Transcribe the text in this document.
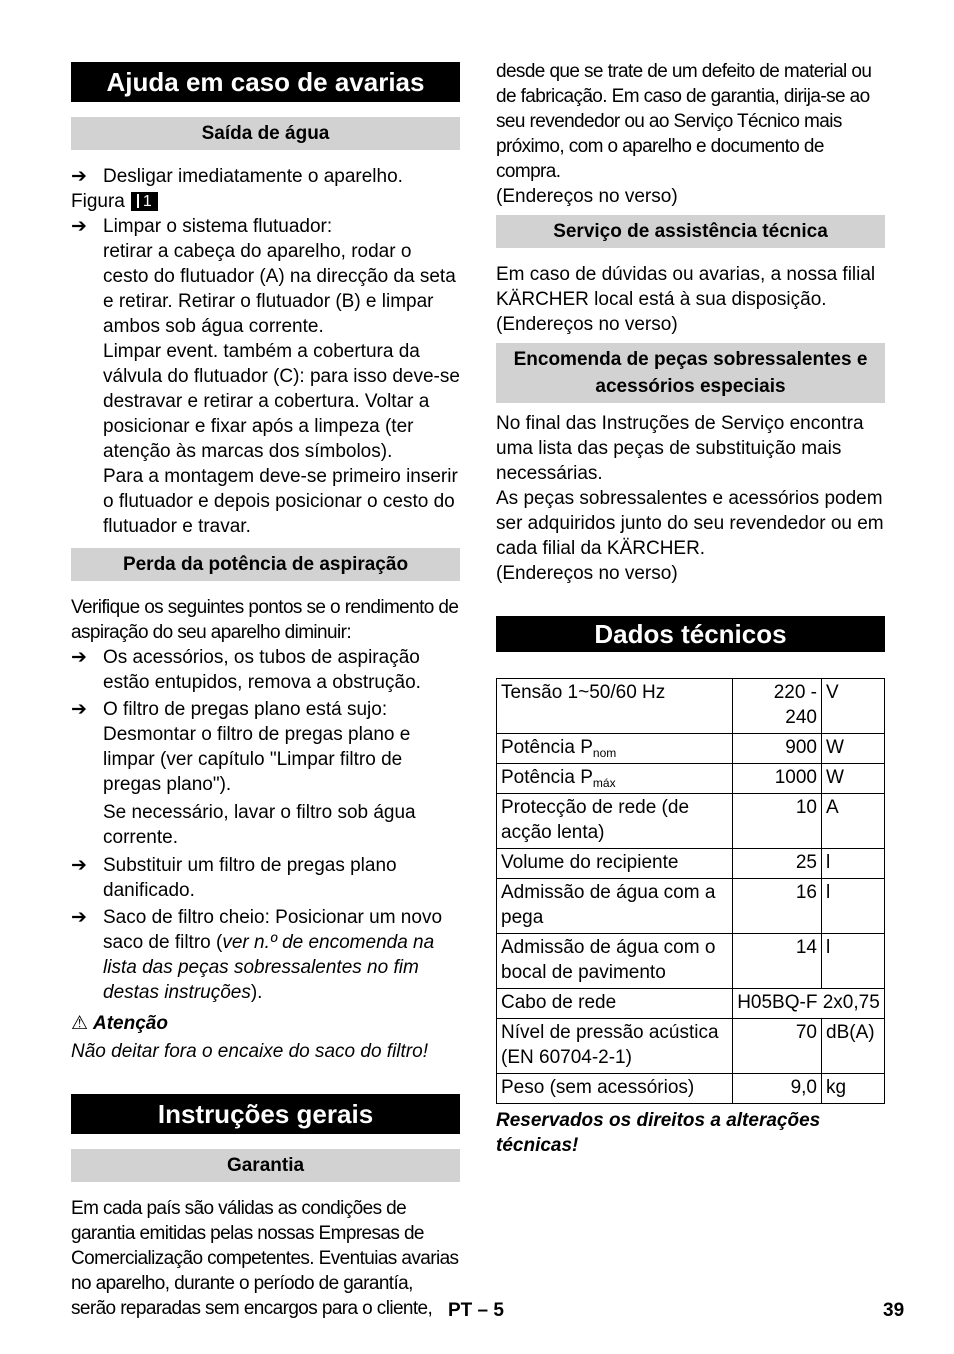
Ajuda em caso de avarias
Saída de água
➔ Desligar imediatamente o aparelho.

Figura 1

➔ Limpar o sistema flutuador:

retirar a cabeça do aparelho, rodar o cesto do flutuador (A) na direcção da seta e retirar. Retirar o flutuador (B) e limpar ambos sob água corrente.

Limpar event. também a cobertura da válvula do flutuador (C): para isso deve-se destravar e retirar a cobertura. Voltar a posicionar e fixar após a limpeza (ter atenção às marcas dos símbolos).

Para a montagem deve-se primeiro inserir o flutuador e depois posicionar o cesto do flutuador e travar.

Perda da potência de aspiração

Verifique os seguintes pontos se o rendimento de aspiração do seu aparelho diminuir:

➔ Os acessórios, os tubos de aspiração estão entupidos, remova a obstrução.
➔ O filtro de pregas plano está sujo:

Desmontar o filtro de pregas plano e limpar (ver capítulo "Limpar filtro de pregas plano").

Se necessário, lavar o filtro sob água corrente.

➔ Substituir um filtro de pregas plano danificado.
➔ Saco de filtro cheio: Posicionar um novo saco de filtro (ver n.º de encomenda na lista das peças sobressalentes no fim destas instruções).

⚠ Atenção

Não deitar fora o encaixe do saco do filtro!

Instruções gerais
Garantia

Em cada país são válidas as condições de garantia emitidas pelas nossas Empresas de Comercialização competentes. Eventuias avarias no aparelho, durante o período de garantía, serão reparadas sem encargos para o cliente,

desde que se trate de um defeito de material ou de fabricação. Em caso de garantia, dirija-se ao seu revendedor ou ao Serviço Técnico mais próximo, com o aparelho e documento de compra.

(Endereços no verso)

Serviço de assistência técnica

Em caso de dúvidas ou avarias, a nossa filial KÄRCHER local está à sua disposição.

(Endereços no verso)

Encomenda de peças sobressalentes e acessórios especiais

No final das Instruções de Serviço encontra uma lista das peças de substituição mais necessárias.

As peças sobressalentes e acessórios podem ser adquiridos junto do seu revendedor ou em cada filial da KÄRCHER.

(Endereços no verso)

Dados técnicos
Tensão 1~50/60 Hz	220 - 240	V
Potência $P_{nom}$	900	W
Potência $P_{máx}$	1000	W
Protecção de rede (de acção lenta)	10	A
Volume do recipiente	25	l
Admissão de água com a pega	16	l
Admissão de água com o bocal de pavimento	14	l
Cabo de rede	H05BQ-F 2x0,75	
Nível de pressão acústica (EN 60704-2-1)	70	dB(A)
Peso (sem acessórios)	9,0	kg

Reservados os direitos a alterações técnicas!

PT – 5	39
